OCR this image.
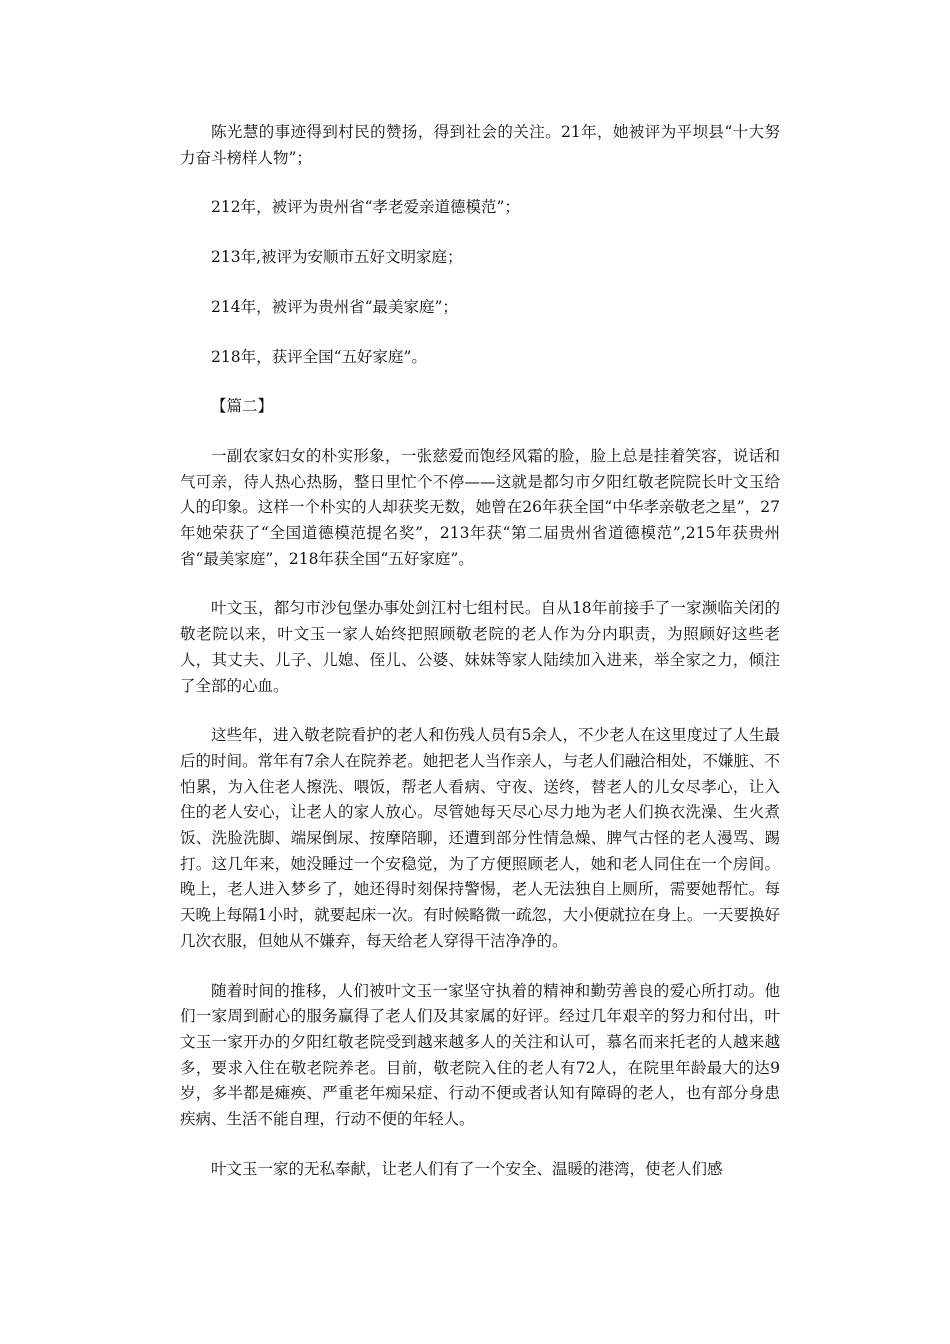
陈光慧的事迹得到村民的赞扬，得到社会的关注。21年，她被评为平坝县“十大努力奋斗榜样人物”；

212年，被评为贵州省“孝老爱亲道德模范”；

213年,被评为安顺市五好文明家庭；

214年，被评为贵州省“最美家庭”；

218年，获评全国“五好家庭”。

【篇二】

一副农家妇女的朴实形象，一张慈爱而饱经风霜的脸，脸上总是挂着笑容，说话和气可亲，待人热心热肠，整日里忙个不停——这就是都匀市夕阳红敬老院院长叶文玉给人的印象。这样一个朴实的人却获奖无数，她曾在26年获全国“中华孝亲敬老之星”，27年她荣获了“全国道德模范提名奖”，213年获“第二届贵州省道德模范”,215年获贵州省“最美家庭”，218年获全国“五好家庭”。

叶文玉，都匀市沙包堡办事处剑江村七组村民。自从18年前接手了一家濒临关闭的敬老院以来，叶文玉一家人始终把照顾敬老院的老人作为分内职责，为照顾好这些老人，其丈夫、儿子、儿媳、侄儿、公婆、妹妹等家人陆续加入进来，举全家之力，倾注了全部的心血。

这些年，进入敬老院看护的老人和伤残人员有5余人，不少老人在这里度过了人生最后的时间。常年有7余人在院养老。她把老人当作亲人，与老人们融洽相处，不嫌脏、不怕累，为入住老人擦洗、喂饭，帮老人看病、守夜、送终，替老人的儿女尽孝心，让入住的老人安心，让老人的家人放心。尽管她每天尽心尽力地为老人们换衣洗澡、生火煮饭、洗脸洗脚、端屎倒尿、按摩陪聊，还遭到部分性情急燥、脾气古怪的老人漫骂、踢打。这几年来，她没睡过一个安稳觉，为了方便照顾老人，她和老人同住在一个房间。晚上，老人进入梦乡了，她还得时刻保持警惕，老人无法独自上厕所，需要她帮忙。每天晚上每隔1小时，就要起床一次。有时候略微一疏忽，大小便就拉在身上。一天要换好几次衣服，但她从不嫌弃，每天给老人穿得干洁净净的。

随着时间的推移，人们被叶文玉一家坚守执着的精神和勤劳善良的爱心所打动。他们一家周到耐心的服务赢得了老人们及其家属的好评。经过几年艰辛的努力和付出，叶文玉一家开办的夕阳红敬老院受到越来越多人的关注和认可，慕名而来托老的人越来越多，要求入住在敬老院养老。目前，敬老院入住的老人有72人，在院里年龄最大的达9岁，多半都是瘫痪、严重老年痴呆症、行动不便或者认知有障碍的老人，也有部分身患疾病、生活不能自理，行动不便的年轻人。

叶文玉一家的无私奉献，让老人们有了一个安全、温暖的港湾，使老人们感
